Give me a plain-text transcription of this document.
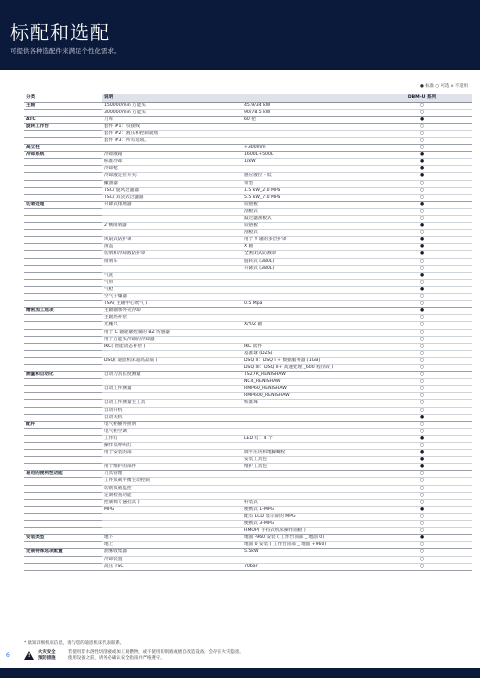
标配和选配
可提供各种选配件来满足个性化需求。
● 标准 ○ 可选 x 不适用
分类	说明		DBM-U 系列
主轴	15000r/min 万能头	45.9/34 kW	○
	30000r/min 万能头	90/78.5 kW	○
ATC	刀库	60 把	●
旋转工作台	套件 #1：仅接线		○
	套件 #2：液压和控制就绪		○
	套件 #3：所有选项。		○
高立柱		+300mm	○
冷却系统	冷却液箱	1600L+500L	●
	标准冷却	1/kW	●
	冷却枪		●
	冷却液定位开关:	感应液位 - 低	●
	撇油器	带型	○
	TSC/ 旋风过滤器	1.5 kW_2.0 MPa	○
	TSC/ 双袋式过滤器	5.5 kW_7.0 MPa	○
切屑处理	升降式排屑器	铰链板	●
		刮板式	○
		鼓过滤刮板式	○
	2 侧排屑器	铰链板	●
		刮板式	○
	风扇式防护罩	用于 Y 轴的多层护罩	●
	滑盖	X 轴	●
	切屑和冷却液防护罩	全密闭式防溅罩	●
	排屑车	旋转式 (380L)	○
		升降式 (380L)	○
	气洗		●
	气帘		○
	气枪		●
	空气干燥器		○
	TSA( 主轴中心吹气 )	0.5 Mpa	○
精密加工选项	主轴轴承外壳冷却		●
	主轴热补偿		○
	光栅尺	X/Y/Z 轴	○
	用于 C 轴轮廓控制的 BZ 传感器		○
	用于万能头冷却的冷却器		○
	IKC( 智能动态补偿 )	IKC 软件	○
		基准球 (DZS)	○
	DSQ( 迪恩机床超高品质 )	DSQ II：DSQ I + 数据服务器 [1GB]	○
		DSQ III：DSQ II+ 高速处理 _600 程序段 )	○
测量和自动化	自动刀具长度测量	TS27R_RENISHAW	○
		NC4_RENISHAW	○
	自动工件测量	RMP60_RENISHAW	○
		RMP600_RENISHAW	○
	自动工件测量主工具	校准珠	○
	自动开机		○
	自动关机		●
配件	电气柜额外照明		○
	电气柜空调		○
	工作灯	LED 灯：4 个	●
	操作员呼叫灯		○
	用于安装的部	调平压块和地脚螺栓	●
		安装工具包	●
	用于维护的部件	维护工具包	●
易用的便利性功能	刀具管理		○
	工件负载平衡主动控制		○
	切削负载监控		○
	定期检查功能		○
	控制椅 ( 悬挂式 )	杆装式	○
	MPG	便携式 1-MPG	●
		配有 LCD 显示屏的 MPG	○
		便携式 3-MPG	○
		HMOP( 手持式机床操作面板 )	○
安装类型	地下	地面 -960 安装 ( 工作台顶部 _ 地面 0)	●
	地上	地面 0 安装 ( 工作台顶部 _ 地面 +960)	○
定制特殊选项配置	油雾收集器	5.5kW	○
	冷却装置		○
	高压 TSC	70bar	○
* 欲知详细机床信息，请与您的迪恩机床代表联系。
!
火灾安全
预防措施
若使用非水溶性切削液或加工易燃物，或不使用切削液或擅自改造设备，会存在火灾隐患。
使用设备之前，请务必确认安全指南并严格遵守。
6
